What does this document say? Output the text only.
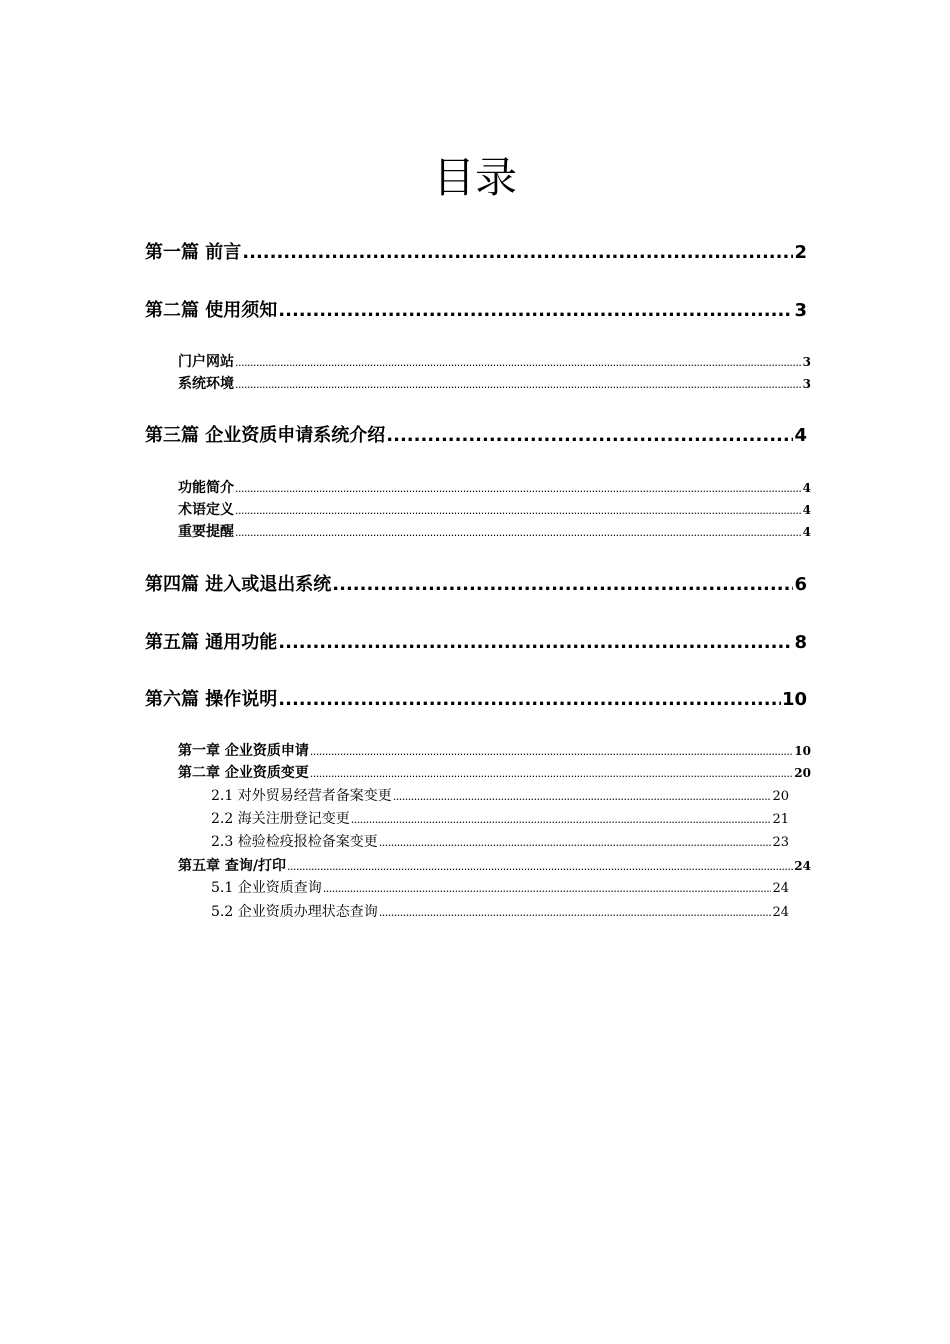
目录
第一篇 前言 .....	2
第二篇 使用须知 .....	3
门户网站 .....	3
系统环境 .....	3
第三篇 企业资质申请系统介绍 .....	4
功能简介 .....	4
术语定义 .....	4
重要提醒 .....	4
第四篇 进入或退出系统 .....	6
第五篇 通用功能 .....	8
第六篇 操作说明 .....	10
第一章 企业资质申请 .....	10
第二章 企业资质变更 .....	20
2.1 对外贸易经营者备案变更 .....	20
2.2 海关注册登记变更 .....	21
2.3 检验检疫报检备案变更 .....	23
第五章 查询/打印 .....	24
5.1 企业资质查询 .....	24
5.2 企业资质办理状态查询 .....	24
